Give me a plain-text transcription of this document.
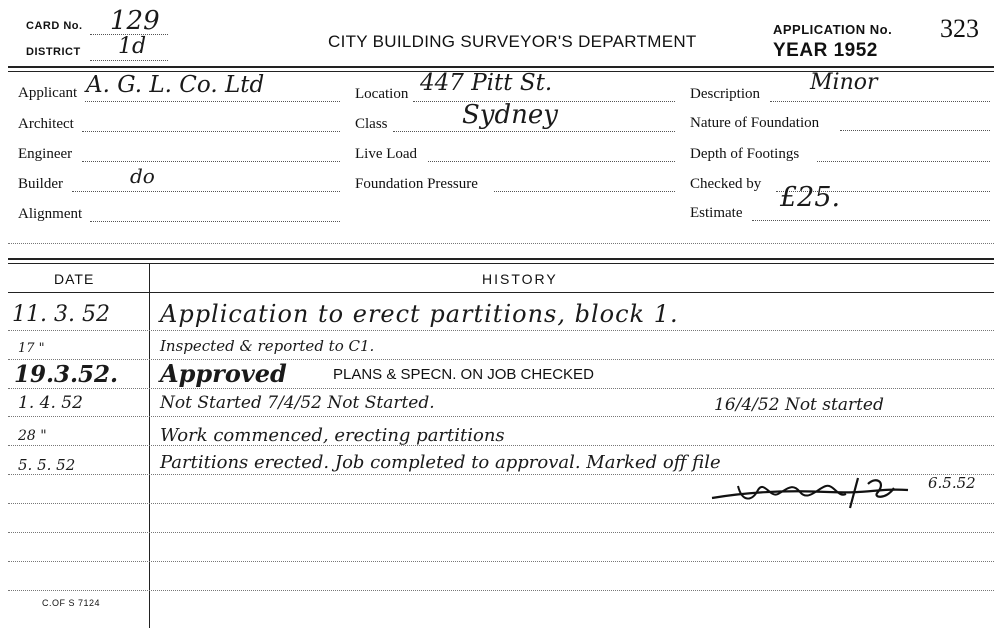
CARD No. 129
DISTRICT 1d	CITY BUILDING SURVEYOR'S DEPARTMENT
APPLICATION No. 323
YEAR 1952
Applicant A. G. L. Co. Ltd
Architect
Engineer
Builder	do
Alignment
Location 447 Pitt St.
Class	Sydney
Live Load
Foundation Pressure
Description Minor
Nature of Foundation
Depth of Footings
Checked by
Estimate £25.
DATE	HISTORY
11. 3. 52 Application to erect partitions, block 1.
17 "	Inspected & reported to C1.
19.3.52. Approved	PLANS & SPECN. ON JOB CHECKED
1. 4. 52	Not Started 7/4/52 Not Started.	16/4/52 Not started
28 "	Work commenced, erecting partitions
5. 5. 52	Partitions erected. Job completed to approval. Marked off file
6.5.52
C.OF S 7124
